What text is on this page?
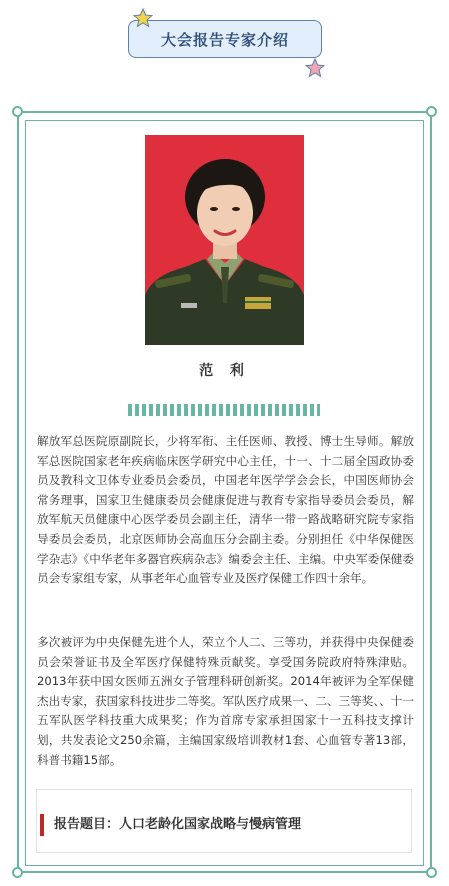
大会报告专家介绍
范 利

解放军总医院原副院长，少将军衔、主任医师、教授、博士生导师。解放军总医院国家老年疾病临床医学研究中心主任，十一、十二届全国政协委员及教科文卫体专业委员会委员，中国老年医学学会会长，中国医师协会常务理事，国家卫生健康委员会健康促进与教育专家指导委员会委员，解放军航天员健康中心医学委员会副主任，清华一带一路战略研究院专家指导委员会委员，北京医师协会高血压分会副主委。分别担任《中华保健医学杂志》《中华老年多器官疾病杂志》编委会主任、主编。中央军委保健委员会专家组专家，从事老年心血管专业及医疗保健工作四十余年。

多次被评为中央保健先进个人，荣立个人二、三等功，并获得中央保健委员会荣誉证书及全军医疗保健特殊贡献奖。享受国务院政府特殊津贴。2013年获中国女医师五洲女子管理科研创新奖。2014年被评为全军保健杰出专家，获国家科技进步二等奖。军队医疗成果一、二、三等奖、、十一五军队医学科技重大成果奖；作为首席专家承担国家十一五科技支撑计划，共发表论文250余篇，主编国家级培训教材1套、心血管专著13部，科普书籍15部。

报告题目：人口老龄化国家战略与慢病管理
